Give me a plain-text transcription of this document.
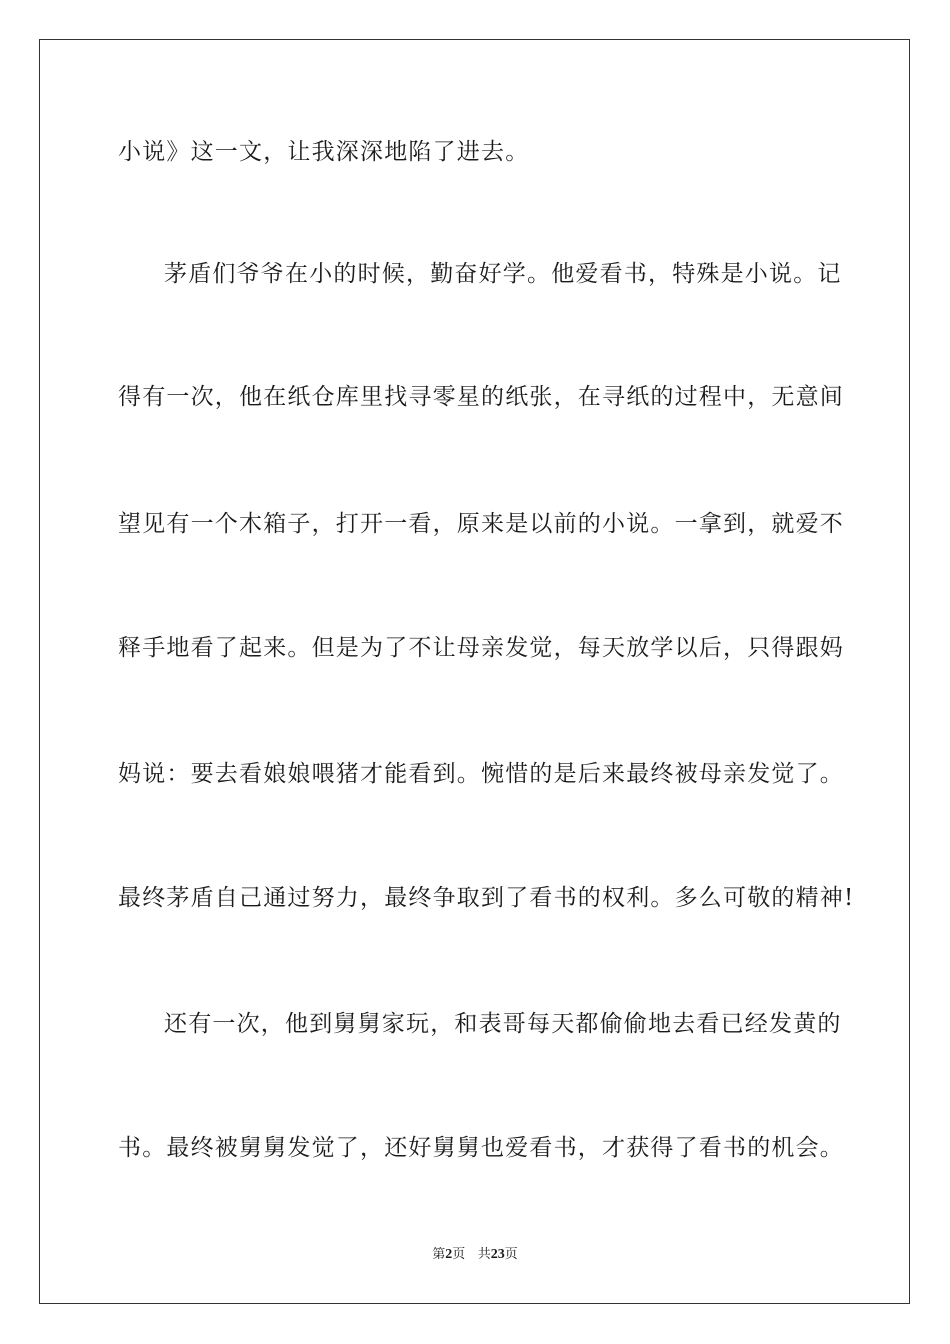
小说》这一文，让我深深地陷了进去。
茅盾们爷爷在小的时候，勤奋好学。他爱看书，特殊是小说。记
得有一次，他在纸仓库里找寻零星的纸张，在寻纸的过程中，无意间
望见有一个木箱子，打开一看，原来是以前的小说。一拿到，就爱不
释手地看了起来。但是为了不让母亲发觉，每天放学以后，只得跟妈
妈说：要去看娘娘喂猪才能看到。惋惜的是后来最终被母亲发觉了。
最终茅盾自己通过努力，最终争取到了看书的权利。多么可敬的精神!
还有一次，他到舅舅家玩，和表哥每天都偷偷地去看已经发黄的
书。最终被舅舅发觉了，还好舅舅也爱看书，才获得了看书的机会。
第2页 共23页
